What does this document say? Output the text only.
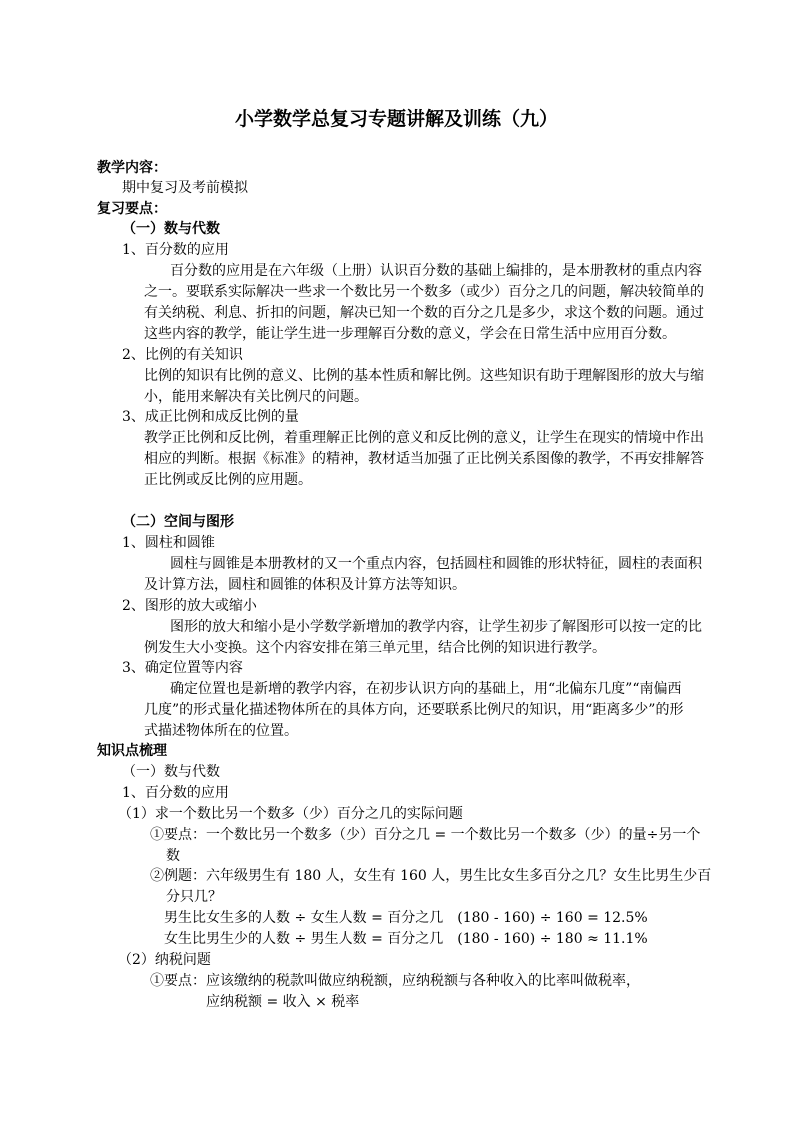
小学数学总复习专题讲解及训练（九）
教学内容：
期中复习及考前模拟
复习要点：
（一）数与代数
1、百分数的应用
百分数的应用是在六年级（上册）认识百分数的基础上编排的，是本册教材的重点内容
之一。要联系实际解决一些求一个数比另一个数多（或少）百分之几的问题，解决较简单的
有关纳税、利息、折扣的问题，解决已知一个数的百分之几是多少，求这个数的问题。通过
这些内容的教学，能让学生进一步理解百分数的意义，学会在日常生活中应用百分数。
2、比例的有关知识
比例的知识有比例的意义、比例的基本性质和解比例。这些知识有助于理解图形的放大与缩
小，能用来解决有关比例尺的问题。
3、成正比例和成反比例的量
教学正比例和反比例，着重理解正比例的意义和反比例的意义，让学生在现实的情境中作出
相应的判断。根据《标准》的精神，教材适当加强了正比例关系图像的教学，不再安排解答
正比例或反比例的应用题。
（二）空间与图形
1、圆柱和圆锥
圆柱与圆锥是本册教材的又一个重点内容，包括圆柱和圆锥的形状特征，圆柱的表面积
及计算方法，圆柱和圆锥的体积及计算方法等知识。
2、图形的放大或缩小
图形的放大和缩小是小学数学新增加的教学内容，让学生初步了解图形可以按一定的比
例发生大小变换。这个内容安排在第三单元里，结合比例的知识进行教学。
3、确定位置等内容
确定位置也是新增的教学内容，在初步认识方向的基础上，用“北偏东几度”“南偏西
几度”的形式量化描述物体所在的具体方向，还要联系比例尺的知识，用“距离多少”的形
式描述物体所在的位置。
知识点梳理
（一）数与代数
1、百分数的应用
（1）求一个数比另一个数多（少）百分之几的实际问题
①要点：一个数比另一个数多（少）百分之几 = 一个数比另一个数多（少）的量÷另一个
数
②例题：六年级男生有 180 人，女生有 160 人，男生比女生多百分之几？女生比男生少百
分只几？
男生比女生多的人数 ÷ 女生人数 = 百分之几 (180 - 160) ÷ 160 = 12.5%
女生比男生少的人数 ÷ 男生人数 = 百分之几 (180 - 160) ÷ 180 ≈ 11.1%
（2）纳税问题
①要点：应该缴纳的税款叫做应纳税额，应纳税额与各种收入的比率叫做税率，
应纳税额 = 收入 × 税率
